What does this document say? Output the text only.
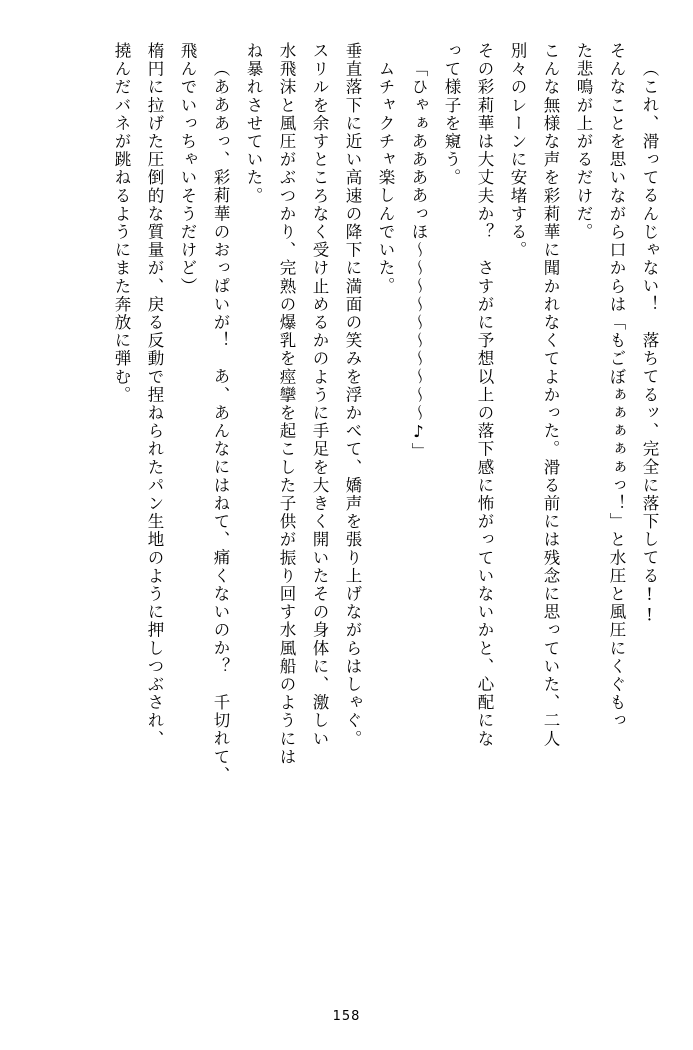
（これ、滑ってるんじゃない！　落ちてるッ、完全に落下してる!!
そんなことを思いながら口からは「もごぼぁぁぁぁぁっ！」と水圧と風圧にくぐもっ
た悲鳴が上がるだけだ。
こんな無様な声を彩莉華に聞かれなくてよかった。滑る前には残念に思っていた、二人
別々のレーンに安堵する。
その彩莉華は大丈夫か？　さすがに予想以上の落下感に怖がっていないかと、心配にな
って様子を窺う。
「ひゃぁああああっほ～～～～～～～～～～♪」
ムチャクチャ楽しんでいた。
垂直落下に近い高速の降下に満面の笑みを浮かべて、嬌声を張り上げながらはしゃぐ。
スリルを余すところなく受け止めるかのように手足を大きく開いたその身体に、激しい
水飛沫と風圧がぶつかり、完熟の爆乳を痙攣を起こした子供が振り回す水風船のようには
ね暴れさせていた。
（あああっ、彩莉華のおっぱいが！　あ、あんなにはねて、痛くないのか？　千切れて、
飛んでいっちゃいそうだけど）
楕円に拉げた圧倒的な質量が、戻る反動で捏ねられたパン生地のように押しつぶされ、
撓んだバネが跳ねるようにまた奔放に弾む。
158
